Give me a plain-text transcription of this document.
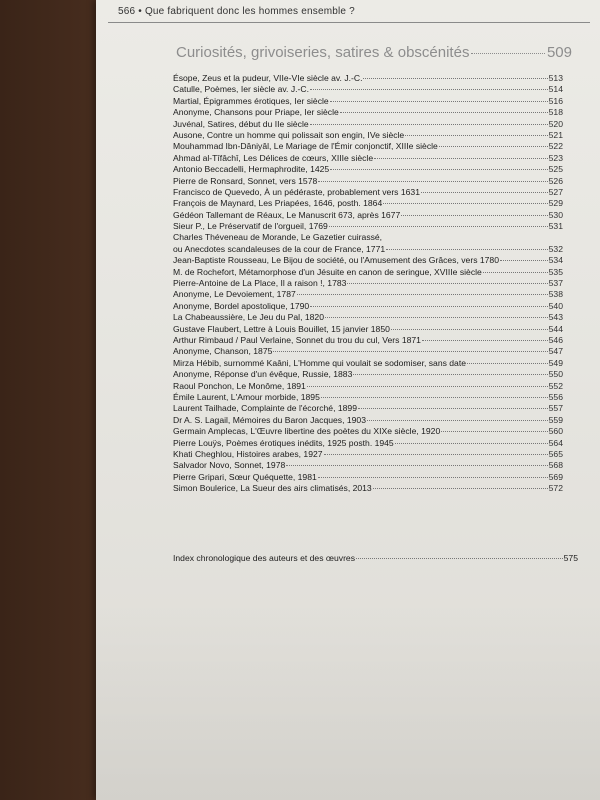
566 • Que fabriquent donc les hommes ensemble ?
Curiosités, grivoiseries, satires & obscénités	509
Ésope, Zeus et la pudeur, VIIe-VIe siècle av. J.-C.	513
Catulle, Poèmes, Ier siècle av. J.-C.	514
Martial, Épigrammes érotiques, Ier siècle	516
Anonyme, Chansons pour Priape, Ier siècle	518
Juvénal, Satires, début du IIe siècle	520
Ausone, Contre un homme qui polissait son engin, IVe siècle	521
Mouhammad Ibn-Dâniyâl, Le Mariage de l'Émir conjonctif, XIIIe siècle	522
Ahmad al-Tîfâchî, Les Délices de cœurs, XIIIe siècle	523
Antonio Beccadelli, Hermaphrodite, 1425	525
Pierre de Ronsard, Sonnet, vers 1578	526
Francisco de Quevedo, À un pédéraste, probablement vers 1631	527
François de Maynard, Les Priapées, 1646, posth. 1864	529
Gédéon Tallemant de Réaux, Le Manuscrit 673, après 1677	530
Sieur P., Le Préservatif de l'orgueil, 1769	531
Charles Théveneau de Morande, Le Gazetier cuirassé,
ou Anecdotes scandaleuses de la cour de France, 1771	532
Jean-Baptiste Rousseau, Le Bijou de société, ou l'Amusement des Grâces, vers 1780	534
M. de Rochefort, Métamorphose d'un Jésuite en canon de seringue, XVIIIe siècle	535
Pierre-Antoine de La Place, Il a raison !, 1783	537
Anonyme, Le Devoiement, 1787	538
Anonyme, Bordel apostolique, 1790	540
La Chabeaussière, Le Jeu du Pal, 1820	543
Gustave Flaubert, Lettre à Louis Bouillet, 15 janvier 1850	544
Arthur Rimbaud / Paul Verlaine, Sonnet du trou du cul, Vers 1871	546
Anonyme, Chanson, 1875	547
Mirza Hébib, surnommé Kaâni, L'Homme qui voulait se sodomiser, sans date	549
Anonyme, Réponse d'un évêque, Russie, 1883	550
Raoul Ponchon, Le Monôme, 1891	552
Émile Laurent, L'Amour morbide, 1895	556
Laurent Tailhade, Complainte de l'écorché, 1899	557
Dr A. S. Lagail, Mémoires du Baron Jacques, 1903	559
Germain Amplecas, L'Œuvre libertine des poètes du XIXe siècle, 1920	560
Pierre Louÿs, Poèmes érotiques inédits, 1925 posth. 1945	564
Khati Cheghlou, Histoires arabes, 1927	565
Salvador Novo, Sonnet, 1978	568
Pierre Gripari, Sœur Quéquette, 1981	569
Simon Boulerice, La Sueur des airs climatisés, 2013	572
Index chronologique des auteurs et des œuvres	575
